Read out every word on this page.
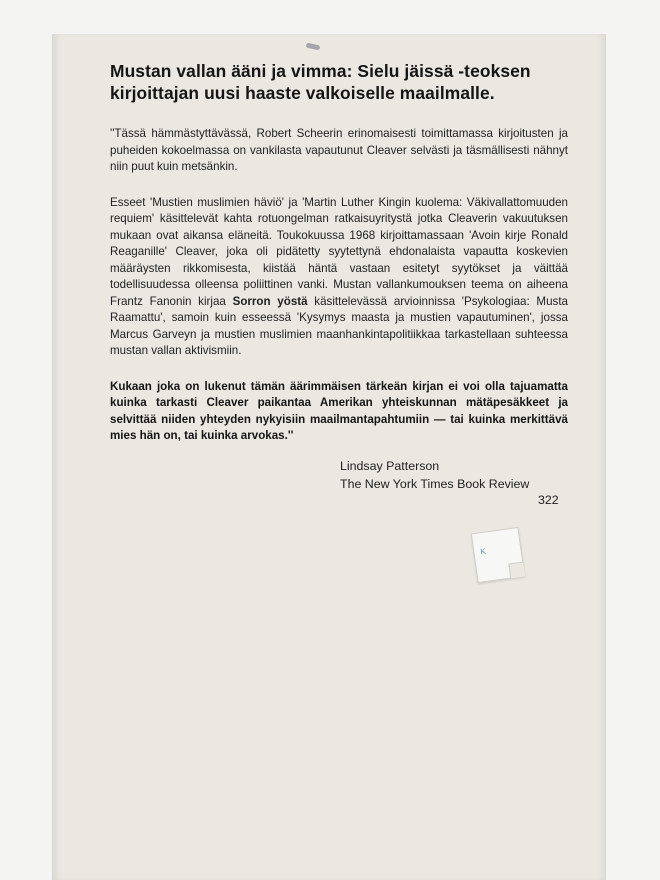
Mustan vallan ääni ja vimma: Sielu jäissä -teoksen kirjoittajan uusi haaste valkoiselle maailmalle.

''Tässä hämmästyttävässä, Robert Scheerin erinomaisesti toimittamassa kirjoitusten ja puheiden kokoelmassa on vankilasta vapautunut Cleaver selvästi ja täsmällisesti nähnyt niin puut kuin metsänkin.

Esseet 'Mustien muslimien häviö' ja 'Martin Luther Kingin kuolema: Väkivallattomuuden requiem' käsittelevät kahta rotuongelman ratkaisuyritystä jotka Cleaverin vakuutuksen mukaan ovat aikansa eläneitä. Toukokuussa 1968 kirjoittamassaan 'Avoin kirje Ronald Reaganille' Cleaver, joka oli pidätetty syytettynä ehdonalaista vapautta koskevien määräysten rikkomisesta, kiistää häntä vastaan esitetyt syytökset ja väittää todellisuudessa olleensa poliittinen vanki. Mustan vallankumouksen teema on aiheena Frantz Fanonin kirjaa Sorron yöstä käsittelevässä arvioinnissa 'Psykologiaa: Musta Raamattu', samoin kuin esseessä 'Kysymys maasta ja mustien vapautuminen', jossa Marcus Garveyn ja mustien muslimien maanhankintapolitiikkaa tarkastellaan suhteessa mustan vallan aktivismiin.

Kukaan joka on lukenut tämän äärimmäisen tärkeän kirjan ei voi olla tajuamatta kuinka tarkasti Cleaver paikantaa Amerikan yhteiskunnan mätäpesäkkeet ja selvittää niiden yhteyden nykyisiin maailmantapahtumiin — tai kuinka merkittävä mies hän on, tai kuinka arvokas.''

Lindsay Patterson
The New York Times Book Review
322
K
